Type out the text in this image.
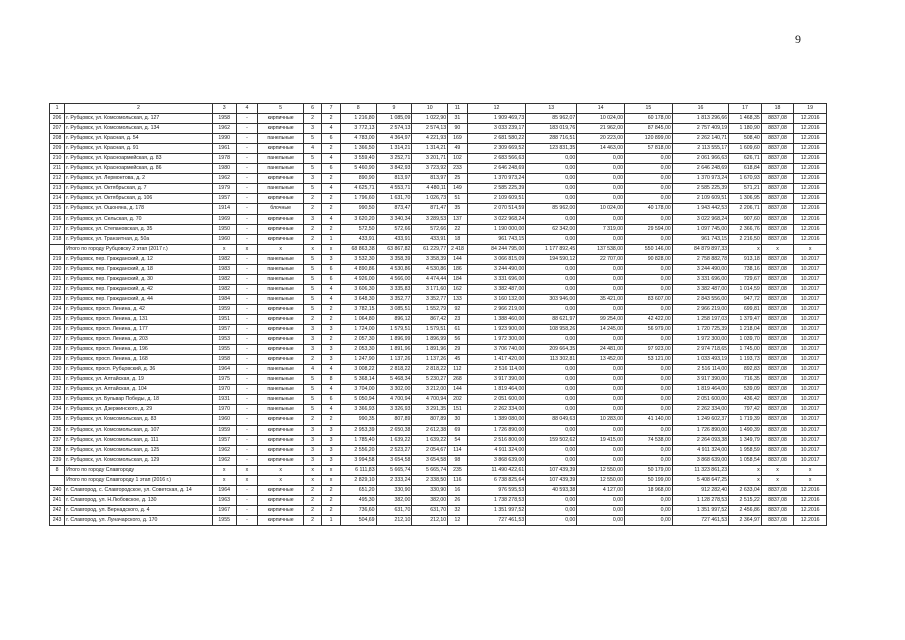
9
1	2	3	4	5	6	7	8	9	10	11	12	13	14	15	16	17	18	19
206	г. Рубцовск, ул. Комсомольская, д. 127	1958	-	кирпичные	2	2	1 216,80	1 085,09	1 022,90	31	1 909 469,73	85 962,07	10 024,00	60 178,00	1 813 296,66	1 468,35	8837,08	12.2016
207	г. Рубцовск, ул. Комсомольская, д. 134	1962	-	кирпичные	3	4	3 772,13	2 574,13	2 574,13	90	3 033 239,17	183 019,76	21 962,00	87 845,00	2 757 409,19	1 180,90	8837,08	12.2016
208	г. Рубцовск, ул. Красная, д. 54	1990	-	панельные	5	6	4 783,00	4 364,97	4 221,93	169	2 681 580,22	288 716,51	20 223,00	120 899,00	2 262 140,71	508,40	8837,08	12.2016
209	г. Рубцовск, ул. Красная, д. 91	1961	-	кирпичные	4	2	1 366,50	1 314,21	1 314,21	49	2 309 669,52	123 831,35	14 463,00	57 818,00	2 113 555,17	1 609,60	8837,08	12.2016
210	г. Рубцовск, ул. Красноармейская, д. 83	1978	-	панельные	5	4	3 559,40	3 252,71	3 201,71	102	2 683 566,63	0,00	0,00	0,00	2 061 966,63	626,71	8837,08	12.2016
211	г. Рубцовск, ул. Красноармейская, д. 86	1980	-	панельные	5	6	5 460,90	3 842,93	3 723,92	233	2 646 248,69	0,00	0,00	0,00	2 646 248,69	618,84	8837,08	12.2016
212	г. Рубцовск, ул. Лермонтова, д. 2	1962	-	кирпичные	3	2	890,90	813,97	813,97	25	1 370 973,24	0,00	0,00	0,00	1 370 973,24	1 670,93	8837,08	12.2016
213	г. Рубцовск, ул. Октябрьская, д. 7	1979	-	панельные	5	4	4 625,71	4 553,71	4 480,11	149	2 585 225,39	0,00	0,00	0,00	2 585 225,39	571,21	8837,08	12.2016
214	г. Рубцовск, ул. Октябрьская, д. 106	1957	-	кирпичные	2	2	1 796,60	1 631,70	1 026,73	51	2 109 609,51	0,00	0,00	0,00	2 109 609,51	1 306,95	8837,08	12.2016
215	г. Рубцовск, ул. Ошоняна, д. 178	1914	-	блочные	2	2	990,50	873,47	871,47	35	2 070 514,59	85 962,00	10 024,00	40 178,00	1 943 442,53	2 206,71	8837,08	12.2016
216	г. Рубцовск, ул. Сельская, д. 70	1969	-	кирпичные	3	4	3 620,20	3 340,34	3 289,53	137	3 022 968,24	0,00	0,00	0,00	3 022 968,24	907,60	8837,08	12.2016
217	г. Рубцовск, ул. Степановская, д. 35	1950	-	кирпичные	2	2	572,50	572,66	572,66	22	1 190 000,00	62 342,00	7 319,00	29 594,00	1 097 745,00	2 366,76	8837,08	12.2016
218	г. Рубцовск, ул. Транзитная, д. 50а	1960	-	кирпичные	2	1	433,91	433,91	433,91	18	961 743,15	0,00	0,00	0,00	961 743,15	2 216,50	8837,08	12.2016
	Итого по городу Рубцовску 2 этап (2017 г.)	x	x	x	x	x	68 863,38	63 867,82	61 229,77	2 418	84 244 795,00	1 177 892,45	137 538,00	550 146,00	84 879 897,33	x	x	x
219	г. Рубцовск, пер. Гражданский, д. 12	1982	-	панельные	5	3	3 532,30	3 358,39	3 358,39	144	3 066 815,09	194 590,12	22 707,00	90 828,00	2 758 882,78	913,18	8837,08	10.2017
220	г. Рубцовск, пер. Гражданский, д. 18	1983	-	панельные	5	6	4 890,86	4 530,86	4 530,86	186	3 244 490,00	0,00	0,00	0,00	3 244 490,00	738,16	8837,08	10.2017
221	г. Рубцовск, пер. Гражданский, д. 30	1982	-	панельные	5	6	4 926,00	4 566,00	4 474,44	184	3 331 696,00	0,00	0,00	0,00	3 331 696,00	729,67	8837,08	10.2017
222	г. Рубцовск, пер. Гражданский, д. 42	1982	-	панельные	5	4	3 606,30	3 335,83	3 171,60	162	3 382 487,00	0,00	0,00	0,00	3 382 487,00	1 014,59	8837,08	10.2017
223	г. Рубцовск, пер. Гражданский, д. 44	1984	-	панельные	5	4	3 648,30	3 352,77	3 352,77	133	3 160 132,00	303 946,00	35 421,00	83 607,00	2 843 556,00	947,72	8837,08	10.2017
224	г. Рубцовск, просп. Ленина, д. 42	1959	-	кирпичные	5	2	3 782,15	3 085,51	1 552,79	92	2 966 219,00	0,00	0,00	0,00	2 966 219,00	699,81	8837,08	10.2017
225	г. Рубцовск, просп. Ленина, д. 131	1951	-	кирпичные	2	2	1 064,80	896,12	867,42	23	1 388 460,00	88 621,97	99 254,00	42 422,00	1 258 197,03	1 379,47	8837,08	10.2017
226	г. Рубцовск, просп. Ленина, д. 177	1957	-	кирпичные	3	3	1 724,00	1 579,51	1 579,51	61	1 923 900,00	108 958,26	14 245,00	56 979,00	1 720 725,39	1 218,04	8837,08	10.2017
227	г. Рубцовск, просп. Ленина, д. 203	1953	-	кирпичные	3	2	2 057,30	1 896,99	1 896,99	56	1 972 300,00	0,00	0,00	0,00	1 972 300,00	1 039,70	8837,08	10.2017
228	г. Рубцовск, просп. Ленина, д. 196	1955	-	кирпичные	3	3	2 053,30	1 891,96	1 891,96	29	3 706 740,00	209 664,35	24 481,00	97 923,00	2 974 718,65	1 745,00	8837,08	10.2017
229	г. Рубцовск, просп. Ленина, д. 168	1958	-	кирпичные	2	3	1 247,90	1 137,26	1 137,26	45	1 417 420,00	113 302,81	13 452,00	53 121,00	1 033 493,19	1 193,73	8837,08	10.2017
230	г. Рубцовск, просп. Рубцовский, д. 36	1964	-	панельные	4	4	3 008,22	2 818,22	2 818,22	112	2 516 114,00	0,00	0,00	0,00	2 516 114,00	892,83	8837,08	10.2017
231	г. Рубцовск, ул. Алтайская, д. 19	1975	-	панельные	5	8	5 368,14	5 468,34	5 230,27	268	3 917 390,00	0,00	0,00	0,00	3 917 390,00	716,35	8837,08	10.2017
232	г. Рубцовск, ул. Алтайская, д. 104	1970	-	панельные	5	4	3 704,00	3 302,00	3 212,00	144	1 819 464,00	0,00	0,00	0,00	1 819 464,00	539,09	8837,08	10.2017
233	г. Рубцовск, ул. Бульвар Победы, д. 18	1931	-	панельные	5	6	5 050,94	4 700,94	4 700,94	202	2 051 600,00	0,00	0,00	0,00	2 051 600,00	436,42	8837,08	10.2017
234	г. Рубцовск, ул. Дзержинского, д. 29	1970	-	панельные	5	4	3 366,93	3 326,93	3 291,35	151	2 262 334,00	0,00	0,00	0,00	2 262 334,00	797,42	8837,08	10.2017
235	г. Рубцовск, ул. Комсомольская, д. 83	1960	-	кирпичные	2	2	990,35	807,89	807,89	30	1 389 080,00	88 049,63	10 283,00	41 140,00	1 249 602,37	1 719,39	8837,08	10.2017
236	г. Рубцовск, ул. Комсомольская, д. 107	1959	-	кирпичные	3	3	2 953,39	2 650,38	2 612,38	69	1 726 890,00	0,00	0,00	0,00	1 726 890,00	1 490,39	8837,08	10.2017
237	г. Рубцовск, ул. Комсомольская, д. 111	1957	-	кирпичные	3	3	1 785,40	1 639,22	1 639,22	54	2 516 800,00	159 502,62	19 415,00	74 538,00	2 264 093,38	1 349,79	8837,08	10.2017
238	г. Рубцовск, ул. Комсомольская, д. 125	1962	-	кирпичные	3	3	2 556,20	2 523,27	2 054,67	114	4 911 324,00	0,00	0,00	0,00	4 911 324,00	1 958,59	8837,08	10.2017
239	г. Рубцовск, ул. Комсомольская, д. 129	1962	-	кирпичные	3	3	3 994,58	3 654,58	3 654,58	98	3 868 639,00	0,00	0,00	0,00	3 868 639,00	1 058,54	8837,08	10.2017
8	Итого по городу Славгороду	x	x	x	x	x	6 111,83	5 665,74	5 665,74	235	11 490 422,61	107 439,39	12 550,00	50 179,00	11 323 861,23	x	x	x
	Итого по городу Славгороду 1 этап (2016 г.)	x	x	x	x	x	2 829,10	2 333,24	2 338,50	116	6 738 825,64	107 439,39	12 550,00	50 199,00	5 408 647,25	x	x	x
240	г. Славгород, с. Славгородское, ул. Советская, д. 14	1964	-	кирпичные	2	2	651,20	330,90	330,90	16	976 595,53	40 593,38	4 127,00	18 968,00	912 282,40	2 633,04	8837,08	12.2016
241	г. Славгород, ул. Н.Любовское, д. 130	1963	-	кирпичные	2	2	495,30	382,00	382,00	26	1 738 278,53	0,00	0,00	0,00	1 128 278,53	2 515,22	8837,08	12.2016
242	г. Славгород, ул. Вернадского, д. 4	1967	-	кирпичные	2	2	736,60	631,70	631,70	32	1 351 997,52	0,00	0,00	0,00	1 351 997,52	2 456,86	8837,08	12.2016
243	г. Славгород, ул. Луначарского, д. 170	1955	-	кирпичные	2	1	504,69	212,10	212,10	12	727 461,53	0,00	0,00	0,00	727 461,53	2 364,97	8837,08	12.2016
